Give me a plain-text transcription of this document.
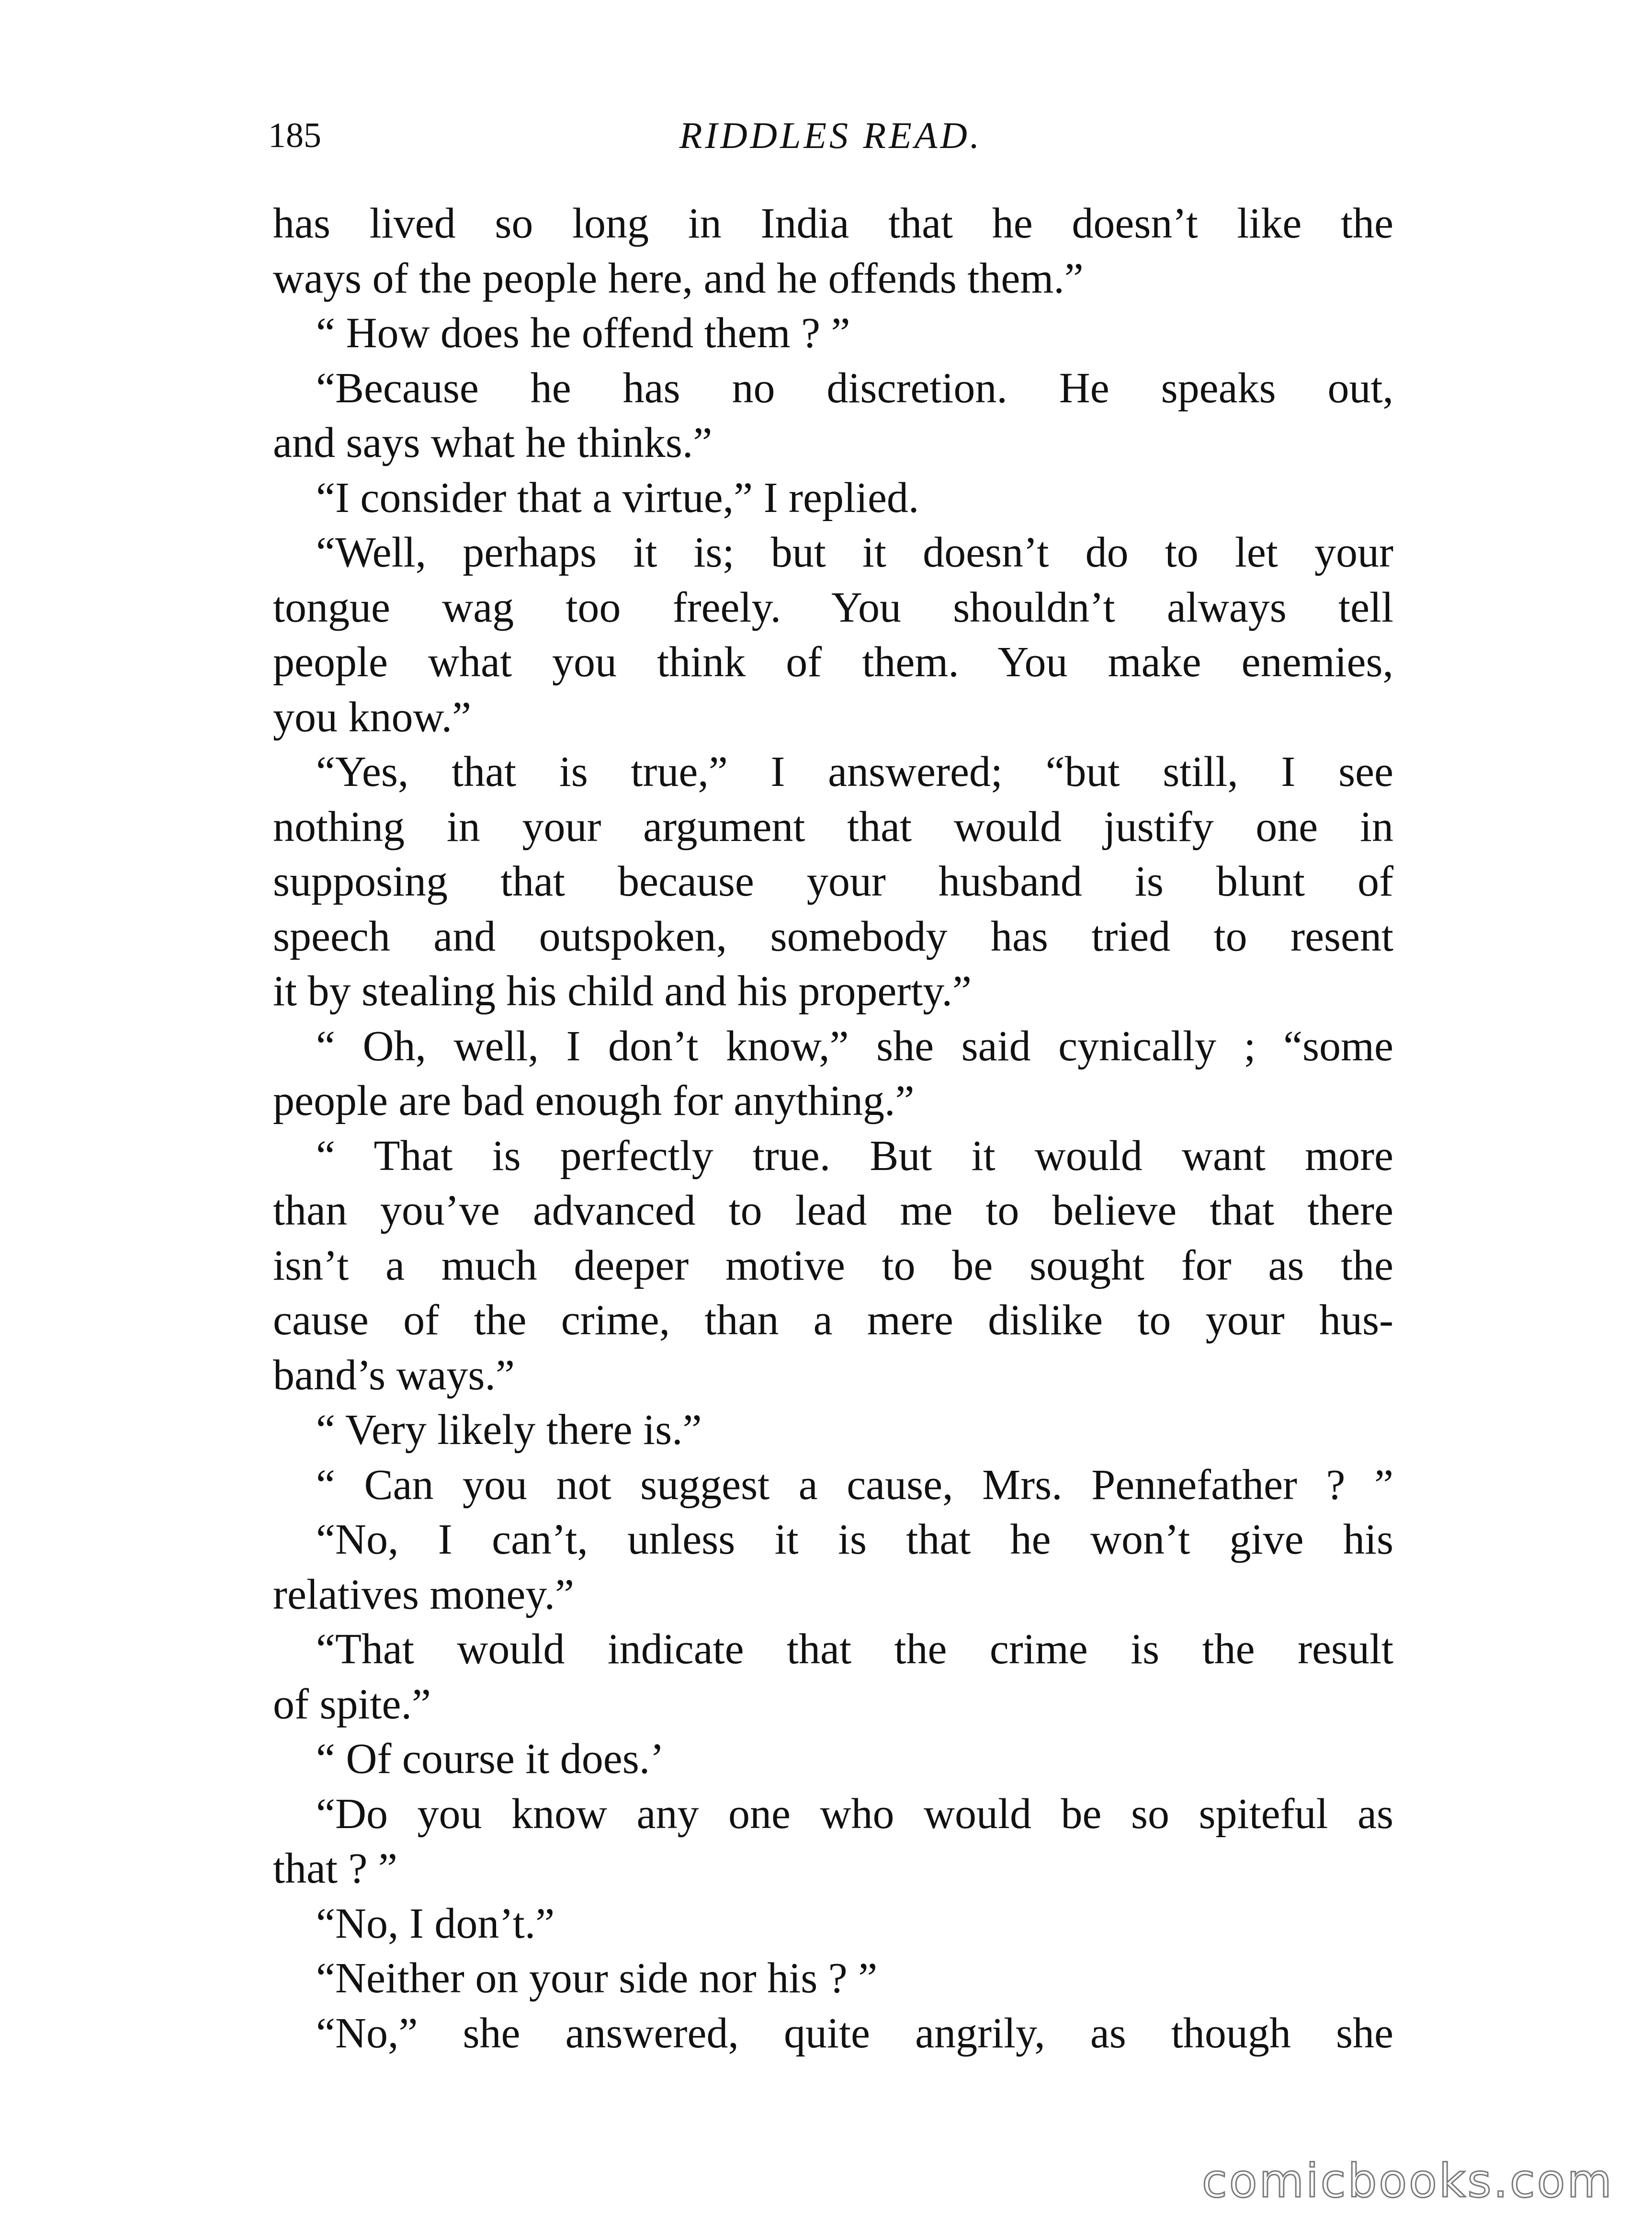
185	RIDDLES READ.
has lived so long in India that he doesn’t like the
ways of the people here, and he offends them.”
“ How does he offend them ? ”
“Because he has no discretion. He speaks out,
and says what he thinks.”
“I consider that a virtue,” I replied.
“Well, perhaps it is; but it doesn’t do to let your
tongue wag too freely. You shouldn’t always tell
people what you think of them. You make enemies,
you know.”
“Yes, that is true,” I answered; “but still, I see
nothing in your argument that would justify one in
supposing that because your husband is blunt of
speech and outspoken, somebody has tried to resent
it by stealing his child and his property.”
“ Oh, well, I don’t know,” she said cynically ; “some
people are bad enough for anything.”
“ That is perfectly true. But it would want more
than you’ve advanced to lead me to believe that there
isn’t a much deeper motive to be sought for as the
cause of the crime, than a mere dislike to your hus-
band’s ways.”
“ Very likely there is.”
“ Can you not suggest a cause, Mrs. Pennefather ? ”
“No, I can’t, unless it is that he won’t give his
relatives money.”
“That would indicate that the crime is the result
of spite.”
“ Of course it does.’
“Do you know any one who would be so spiteful as
that ? ”
“No, I don’t.”
“Neither on your side nor his ? ”
“No,” she answered, quite angrily, as though she
comicbooks.com
